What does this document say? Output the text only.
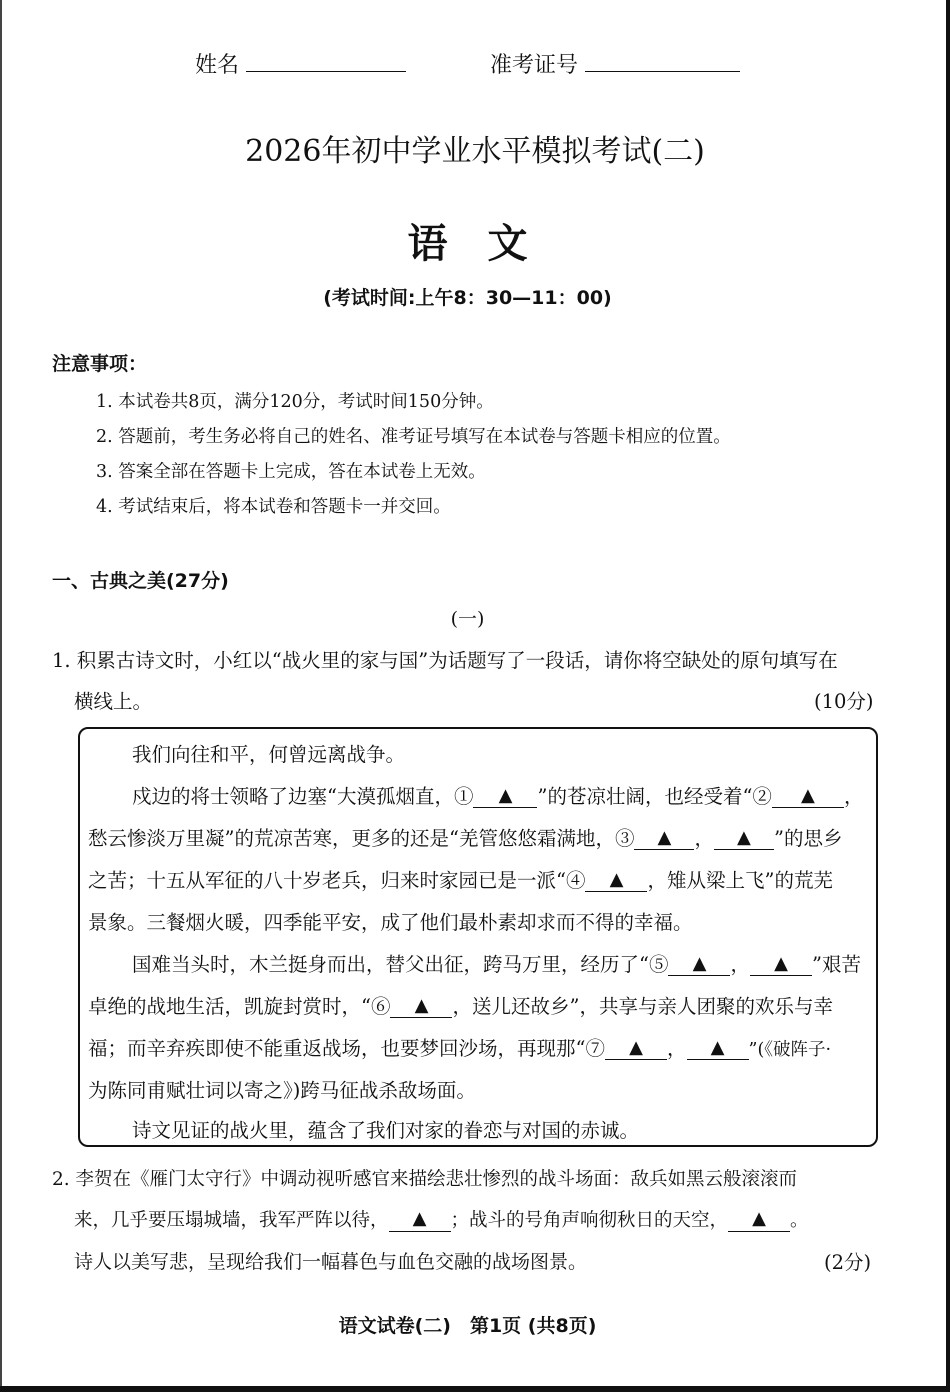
姓名	准考证号
2026年初中学业水平模拟考试(二)
语　文
(考试时间:上午8：30—11：00)
注意事项：
1. 本试卷共8页，满分120分，考试时间150分钟。
2. 答题前，考生务必将自己的姓名、准考证号填写在本试卷与答题卡相应的位置。
3. 答案全部在答题卡上完成，答在本试卷上无效。
4. 考试结束后，将本试卷和答题卡一并交回。
一、古典之美(27分)
(一)
1. 积累古诗文时，小红以“战火里的家与国”为话题写了一段话，请你将空缺处的原句填写在
横线上。	(10分)
我们向往和平，何曾远离战争。
戍边的将士领略了边塞“大漠孤烟直，① ▲ ”的苍凉壮阔，也经受着“② ▲ ，
愁云惨淡万里凝”的荒凉苦寒，更多的还是“羌管悠悠霜满地，③ ▲ ， ▲ ”的思乡
之苦；十五从军征的八十岁老兵，归来时家园已是一派“④ ▲ ，雉从梁上飞”的荒芜
景象。三餐烟火暖，四季能平安，成了他们最朴素却求而不得的幸福。
国难当头时，木兰挺身而出，替父出征，跨马万里，经历了“⑤ ▲ ， ▲ ”艰苦
卓绝的战地生活，凯旋封赏时，“⑥ ▲ ，送儿还故乡”，共享与亲人团聚的欢乐与幸
福；而辛弃疾即使不能重返战场，也要梦回沙场，再现那“⑦ ▲ ， ▲ ”(《破阵子·
为陈同甫赋壮词以寄之》)跨马征战杀敌场面。
诗文见证的战火里，蕴含了我们对家的眷恋与对国的赤诚。
2. 李贺在《雁门太守行》中调动视听感官来描绘悲壮惨烈的战斗场面：敌兵如黑云般滚滚而
来，几乎要压塌城墙，我军严阵以待， ▲ ；战斗的号角声响彻秋日的天空， ▲ 。
诗人以美写悲，呈现给我们一幅暮色与血色交融的战场图景。	(2分)
语文试卷(二)　第1页 (共8页)
